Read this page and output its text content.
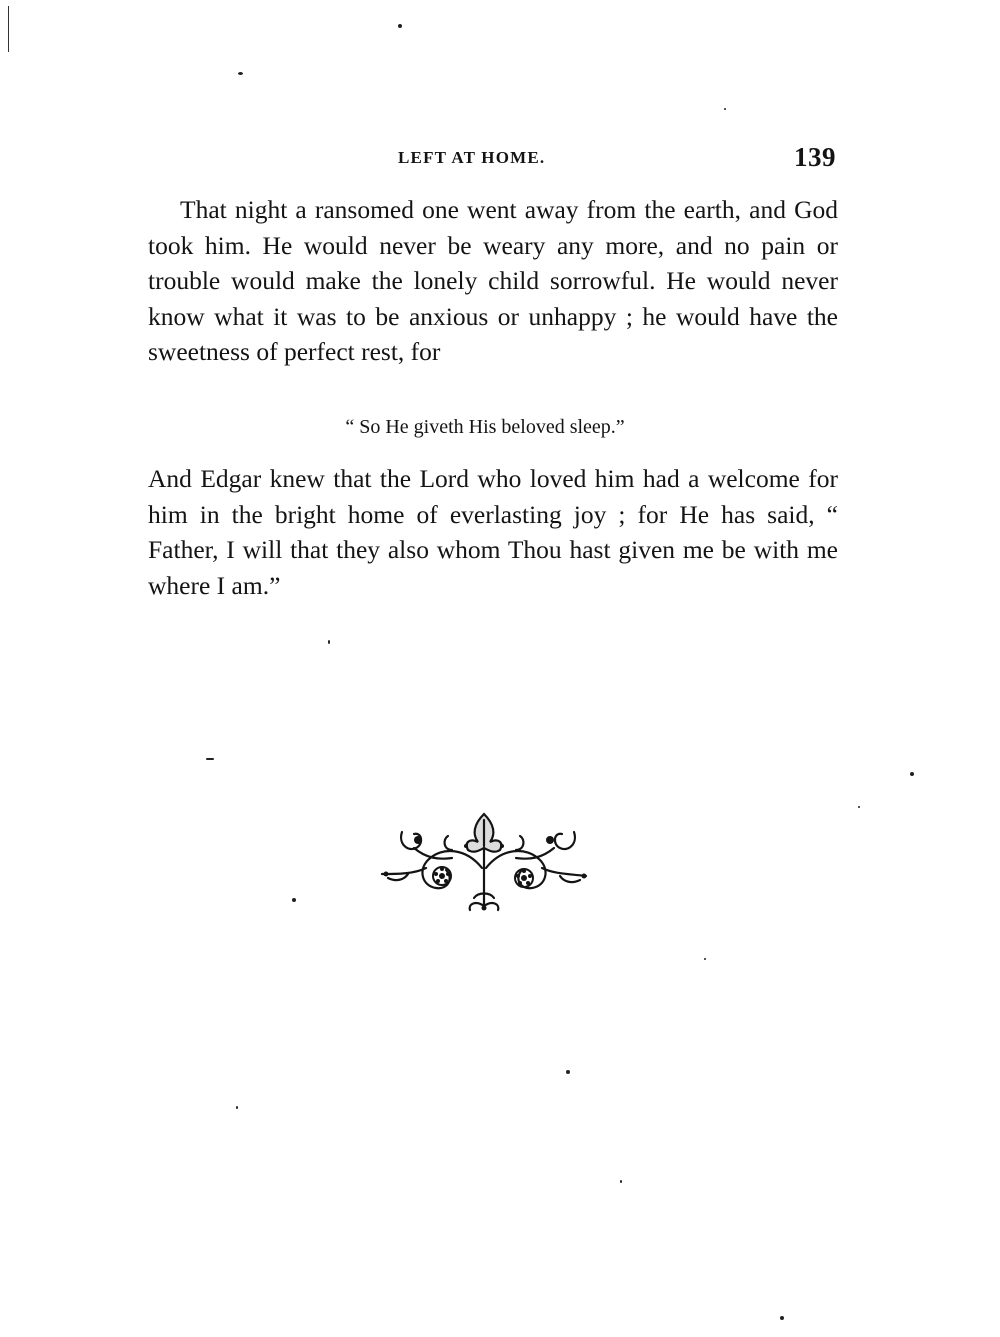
LEFT AT HOME.	139

That night a ransomed one went away from the earth, and God took him. He would never be weary any more, and no pain or trouble would make the lonely child sorrowful. He would never know what it was to be anxious or unhappy ; he would have the sweetness of perfect rest, for

“ So He giveth His beloved sleep.”

And Edgar knew that the Lord who loved him had a welcome for him in the bright home of everlasting joy ; for He has said, “ Father, I will that they also whom Thou hast given me be with me where I am.”
